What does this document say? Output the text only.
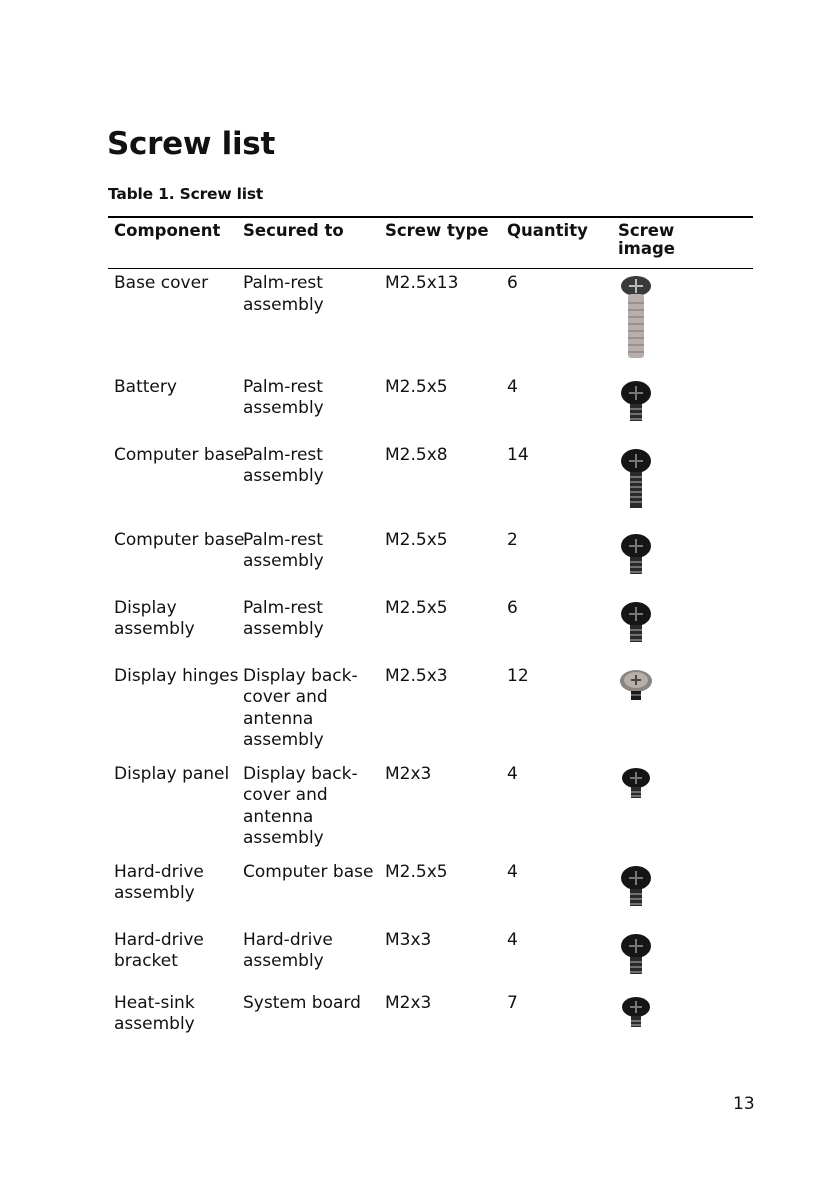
Screw list
Table 1. Screw list
Component	Secured to	Screw type	Quantity	Screw
image
Base cover	Palm-rest assembly	M2.5x13	6	

Battery	Palm-rest assembly	M2.5x5	4	

Computer base	Palm-rest assembly	M2.5x8	14	

Computer base	Palm-rest assembly	M2.5x5	2	

Display assembly	Palm-rest assembly	M2.5x5	6	

Display hinges	Display back-cover and antenna assembly	M2.5x3	12	

Display panel	Display back-cover and antenna assembly	M2x3	4	

Hard-drive assembly	Computer base	M2.5x5	4	

Hard-drive bracket	Hard-drive assembly	M3x3	4	

Heat-sink assembly	System board	M2x3	7	
13
